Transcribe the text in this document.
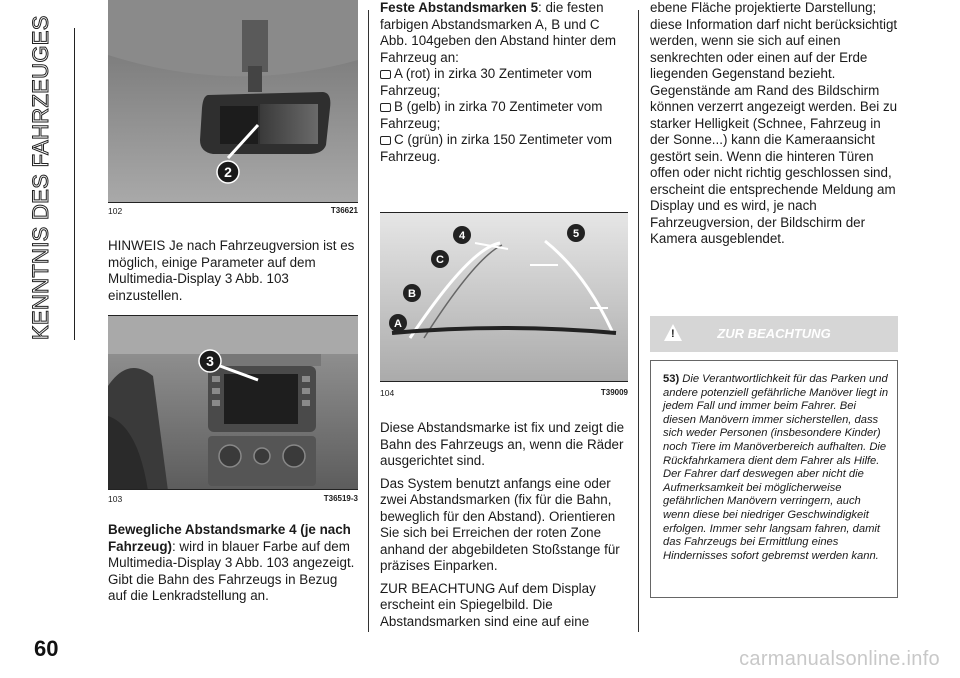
KENNTNIS DES FAHRZEUGES	2
102	T36621

HINWEIS Je nach Fahrzeugversion ist es möglich, einige Parameter auf dem Multimedia-Display 3 Abb. 103 einzustellen.

3
103	T36519-3

Bewegliche Abstandsmarke 4 (je nach Fahrzeug): wird in blauer Farbe auf dem Multimedia-Display 3 Abb. 103 angezeigt. Gibt die Bahn des Fahrzeugs in Bezug auf die Lenkradstellung an.

Feste Abstandsmarken 5: die festen farbigen Abstandsmarken A, B und C Abb. 104geben den Abstand hinter dem Fahrzeug an:

A (rot) in zirka 30 Zentimeter vom Fahrzeug;
B (gelb) in zirka 70 Zentimeter vom Fahrzeug;
C (grün) in zirka 150 Zentimeter vom Fahrzeug.
A
B
C
4	5
104	T39009

Diese Abstandsmarke ist fix und zeigt die Bahn des Fahrzeugs an, wenn die Räder ausgerichtet sind.

Das System benutzt anfangs eine oder zwei Abstandsmarken (fix für die Bahn, beweglich für den Abstand). Orientieren Sie sich bei Erreichen der roten Zone anhand der abgebildeten Stoßstange für präzises Einparken.

ZUR BEACHTUNG Auf dem Display erscheint ein Spiegelbild. Die Abstandsmarken sind eine auf eine

ebene Fläche projektierte Darstellung; diese Information darf nicht berücksichtigt werden, wenn sie sich auf einen senkrechten oder einen auf der Erde liegenden Gegenstand bezieht. Gegenstände am Rand des Bildschirm können verzerrt angezeigt werden. Bei zu starker Helligkeit (Schnee, Fahrzeug in der Sonne...) kann die Kameraansicht gestört sein. Wenn die hinteren Türen offen oder nicht richtig geschlossen sind, erscheint die entsprechende Meldung am Display und es wird, je nach Fahrzeugversion, der Bildschirm der Kamera ausgeblendet.

!	ZUR BEACHTUNG
53) Die Verantwortlichkeit für das Parken und andere potenziell gefährliche Manöver liegt in jedem Fall und immer beim Fahrer. Bei diesen Manövern immer sicherstellen, dass sich weder Personen (insbesondere Kinder) noch Tiere im Manöverbereich aufhalten. Die Rückfahrkamera dient dem Fahrer als Hilfe. Der Fahrer darf deswegen aber nicht die Aufmerksamkeit bei möglicherweise gefährlichen Manövern verringern, auch wenn diese bei niedriger Geschwindigkeit erfolgen. Immer sehr langsam fahren, damit das Fahrzeugs bei Ermittlung eines Hindernisses sofort gebremst werden kann.
60	carmanualsonline.info
